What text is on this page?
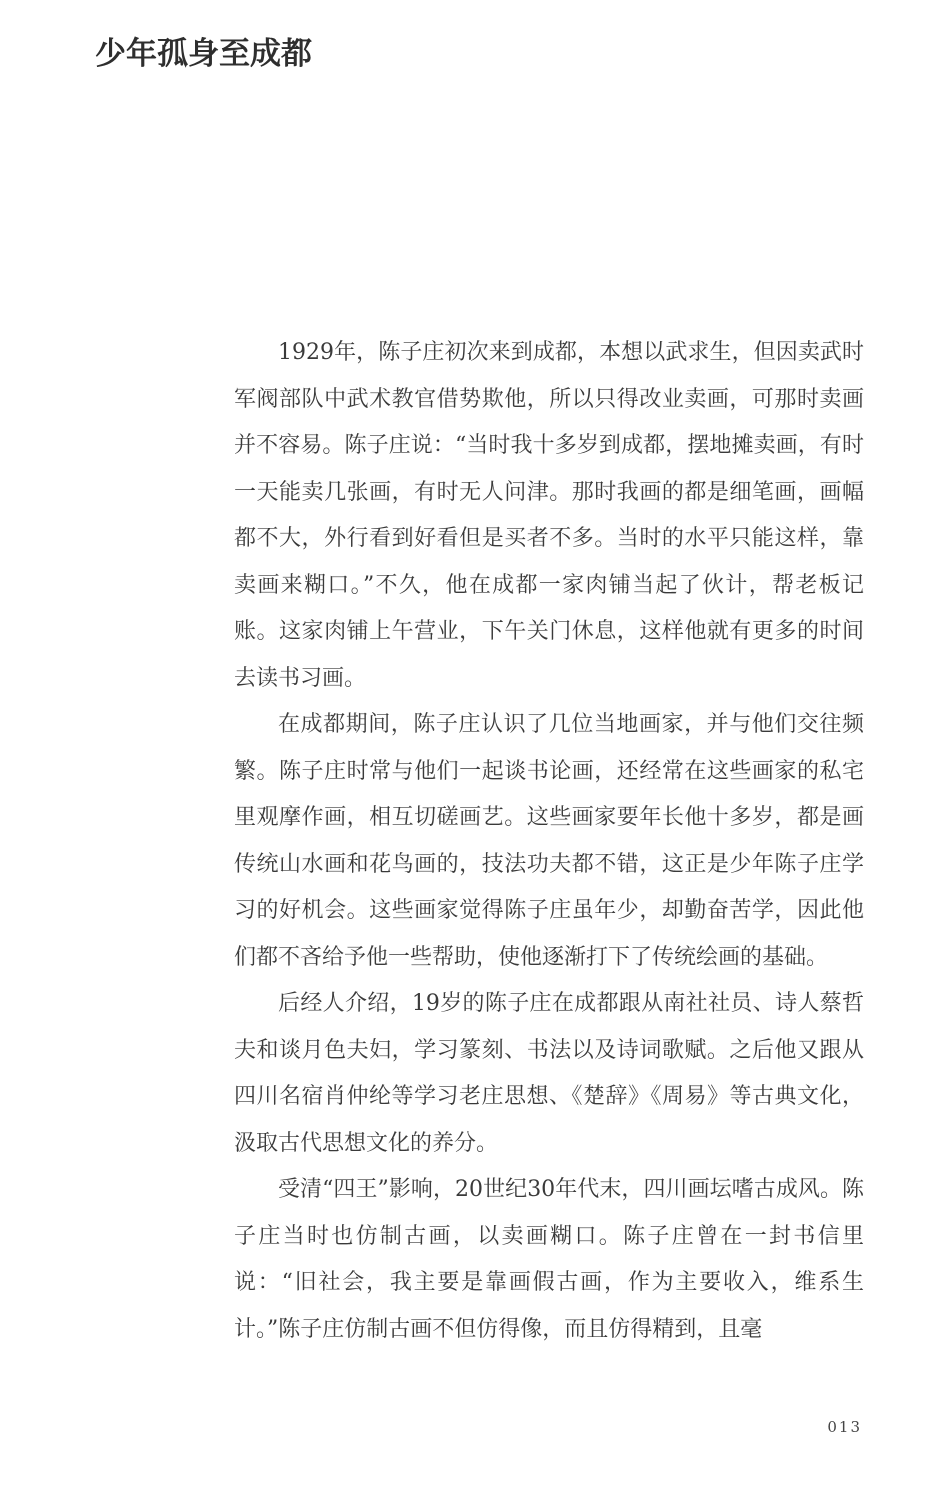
少年孤身至成都

1929年，陈子庄初次来到成都，本想以武求生，但因卖武时军阀部队中武术教官借势欺他，所以只得改业卖画，可那时卖画并不容易。陈子庄说：“当时我十多岁到成都，摆地摊卖画，有时一天能卖几张画，有时无人问津。那时我画的都是细笔画，画幅都不大，外行看到好看但是买者不多。当时的水平只能这样，靠卖画来糊口。”不久，他在成都一家肉铺当起了伙计，帮老板记账。这家肉铺上午营业，下午关门休息，这样他就有更多的时间去读书习画。

在成都期间，陈子庄认识了几位当地画家，并与他们交往频繁。陈子庄时常与他们一起谈书论画，还经常在这些画家的私宅里观摩作画，相互切磋画艺。这些画家要年长他十多岁，都是画传统山水画和花鸟画的，技法功夫都不错，这正是少年陈子庄学习的好机会。这些画家觉得陈子庄虽年少，却勤奋苦学，因此他们都不吝给予他一些帮助，使他逐渐打下了传统绘画的基础。

后经人介绍，19岁的陈子庄在成都跟从南社社员、诗人蔡哲夫和谈月色夫妇，学习篆刻、书法以及诗词歌赋。之后他又跟从四川名宿肖仲纶等学习老庄思想、《楚辞》《周易》等古典文化，汲取古代思想文化的养分。

受清“四王”影响，20世纪30年代末，四川画坛嗜古成风。陈子庄当时也仿制古画，以卖画糊口。陈子庄曾在一封书信里说：“旧社会，我主要是靠画假古画，作为主要收入，维系生计。”陈子庄仿制古画不但仿得像，而且仿得精到，且毫

013
